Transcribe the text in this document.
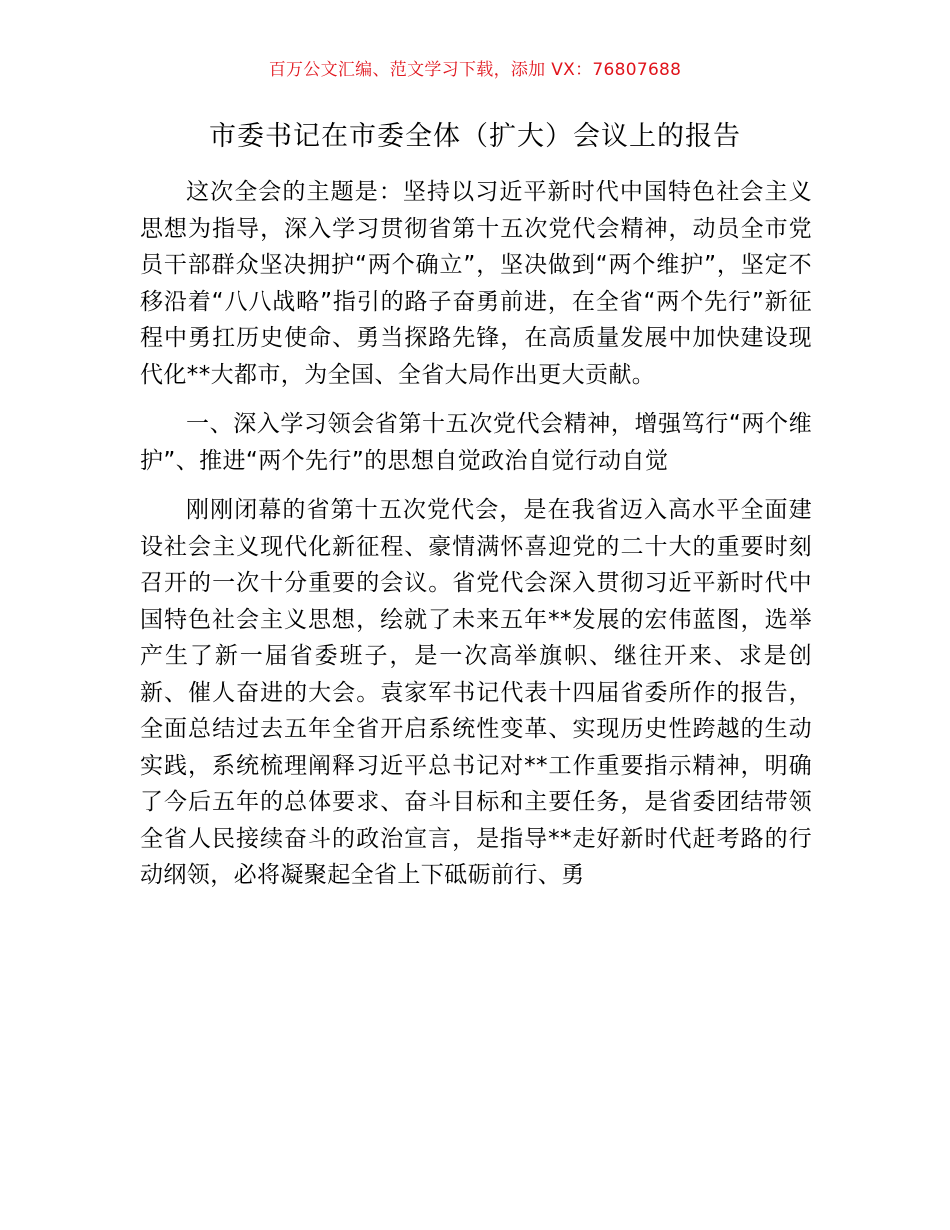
百万公文汇编、范文学习下载，添加 VX：76807688
市委书记在市委全体（扩大）会议上的报告

这次全会的主题是：坚持以习近平新时代中国特色社会主义思想为指导，深入学习贯彻省第十五次党代会精神，动员全市党员干部群众坚决拥护“两个确立”，坚决做到“两个维护”，坚定不移沿着“八八战略”指引的路子奋勇前进，在全省“两个先行”新征程中勇扛历史使命、勇当探路先锋，在高质量发展中加快建设现代化**大都市，为全国、全省大局作出更大贡献。

一、深入学习领会省第十五次党代会精神，增强笃行“两个维护”、推进“两个先行”的思想自觉政治自觉行动自觉

刚刚闭幕的省第十五次党代会，是在我省迈入高水平全面建设社会主义现代化新征程、豪情满怀喜迎党的二十大的重要时刻召开的一次十分重要的会议。省党代会深入贯彻习近平新时代中国特色社会主义思想，绘就了未来五年**发展的宏伟蓝图，选举产生了新一届省委班子，是一次高举旗帜、继往开来、求是创新、催人奋进的大会。袁家军书记代表十四届省委所作的报告，全面总结过去五年全省开启系统性变革、实现历史性跨越的生动实践，系统梳理阐释习近平总书记对**工作重要指示精神，明确了今后五年的总体要求、奋斗目标和主要任务，是省委团结带领全省人民接续奋斗的政治宣言，是指导**走好新时代赶考路的行动纲领，必将凝聚起全省上下砥砺前行、勇
